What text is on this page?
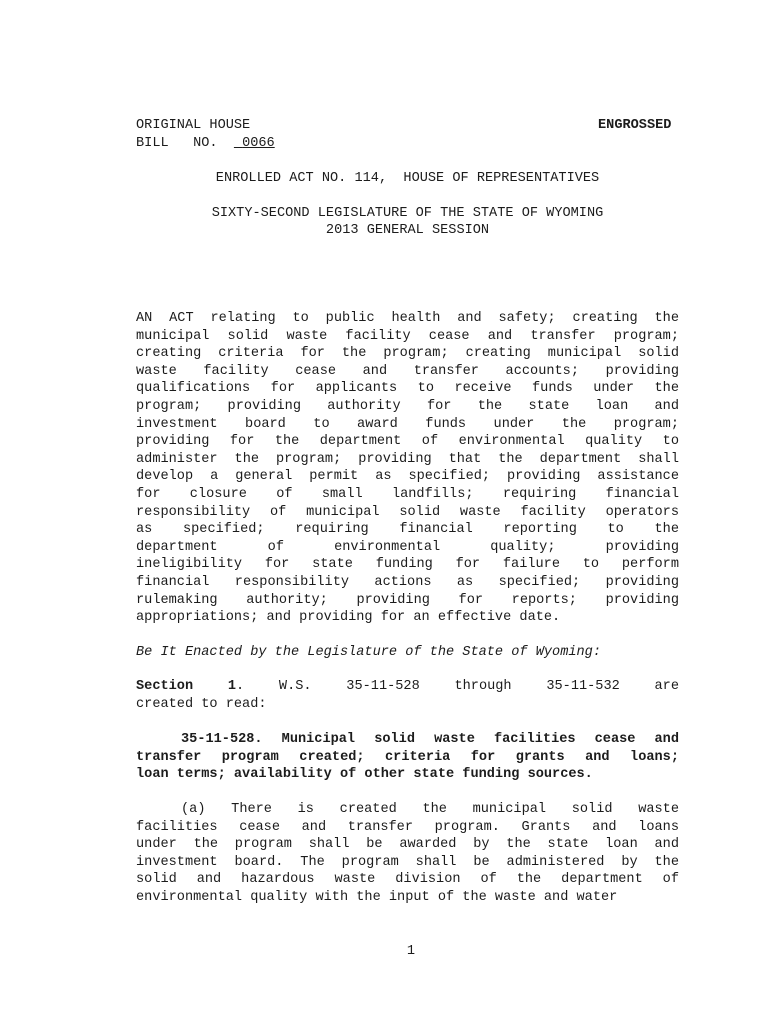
ORIGINAL HOUSE	ENGROSSED
BILL   NO. 0066
ENROLLED ACT NO. 114,  HOUSE OF REPRESENTATIVES
SIXTY-SECOND LEGISLATURE OF THE STATE OF WYOMING
2013 GENERAL SESSION
AN ACT relating to public health and safety; creating the
municipal solid waste facility cease and transfer program;
creating criteria for the program; creating municipal solid
waste facility cease and transfer accounts; providing
qualifications for applicants to receive funds under the
program; providing authority for the state loan and
investment board to award funds under the program;
providing for the department of environmental quality to
administer the program; providing that the department shall
develop a general permit as specified; providing assistance
for closure of small landfills; requiring financial
responsibility of municipal solid waste facility operators
as specified; requiring financial reporting to the
department of environmental quality; providing
ineligibility for state funding for failure to perform
financial responsibility actions as specified; providing
rulemaking authority; providing for reports; providing
appropriations; and providing for an effective date.
Be It Enacted by the Legislature of the State of Wyoming:
Section 1. W.S. 35-11-528 through 35-11-532 are
created to read:
35-11-528. Municipal solid waste facilities cease and
transfer program created; criteria for grants and loans;
loan terms; availability of other state funding sources.
(a) There is created the municipal solid waste
facilities cease and transfer program. Grants and loans
under the program shall be awarded by the state loan and
investment board. The program shall be administered by the
solid and hazardous waste division of the department of
environmental quality with the input of the waste and water
1
